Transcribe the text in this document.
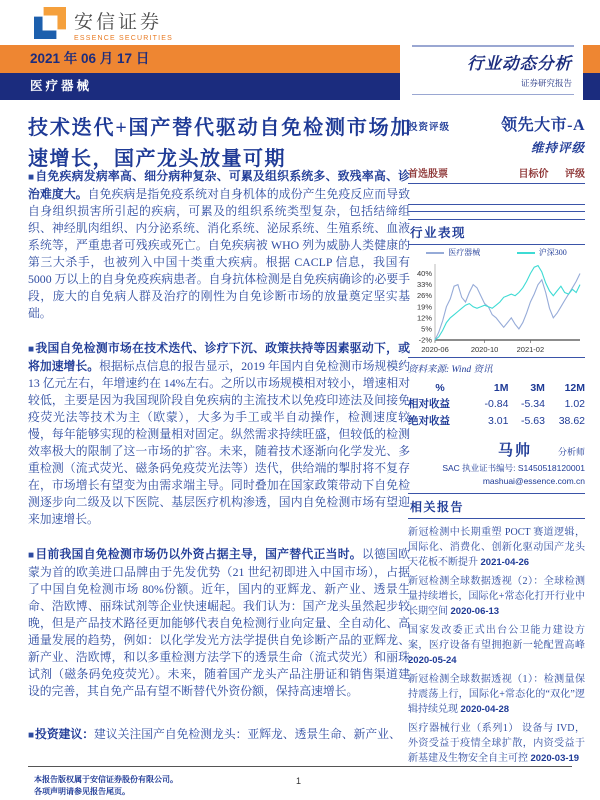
安信证券
ESSENCE SECURITIES
2021 年 06 月 17 日
医疗器械
行业动态分析
证券研究报告
技术迭代+国产替代驱动自免检测市场加速增长，国产龙头放量可期

■自免疾病发病率高、细分病种复杂、可累及组织系统多、致残率高、诊治难度大。自免疾病是指免疫系统对自身机体的成份产生免疫反应而导致自身组织损害所引起的疾病，可累及的组织系统类型复杂，包括结缔组织、神经肌肉组织、内分泌系统、消化系统、泌尿系统、生殖系统、血液系统等，严重患者可残疾或死亡。自免疾病被 WHO 列为威胁人类健康的第三大杀手，也被列入中国十类重大疾病。根据 CACLP 信息，我国有 5000 万以上的自身免疫疾病患者。自身抗体检测是自免疾病确诊的必要手段，庞大的自免病人群及治疗的刚性为自免诊断市场的放量奠定坚实基础。

■我国自免检测市场在技术迭代、诊疗下沉、政策扶持等因素驱动下，或将加速增长。根据标点信息的报告显示，2019 年国内自免检测市场规模约 13 亿元左右，年增速约在 14%左右。之所以市场规模相对较小，增速相对较低，主要是因为我国现阶段自免疾病的主流技术以免疫印迹法及间接免疫荧光法等技术为主（欧蒙），大多为手工或半自动操作，检测速度较慢，每年能够实现的检测量相对固定。纵然需求持续旺盛，但较低的检测效率极大的限制了这一市场的扩容。未来，随着技术逐渐向化学发光、多重检测（流式荧光、磁条码免疫荧光法等）迭代，供给端的掣肘将不复存在，市场增长有望变为由需求端主导。同时叠加在国家政策带动下自免检测逐步向二级及以下医院、基层医疗机构渗透，国内自免检测市场有望迎来加速增长。

■目前我国自免检测市场仍以外资占据主导，国产替代正当时。以德国欧蒙为首的欧美进口品牌由于先发优势（21 世纪初即进入中国市场），占据了中国自免检测市场 80%份额。近年，国内的亚辉龙、新产业、透景生命、浩欧博、丽珠试剂等企业快速崛起。我们认为：国产龙头虽然起步较晚，但是产品技术路径更加能够代表自免检测行业向定量、全自动化、高通量发展的趋势，例如：以化学发光方法学提供自免诊断产品的亚辉龙、新产业、浩欧博，和以多重检测方法学下的透景生命（流式荧光）和丽珠试剂（磁条码免疫荧光）。未来，随着国产龙头产品注册证和销售渠道建设的完善，其自免产品有望不断替代外资份额，保持高速增长。

■投资建议：建议关注国产自免检测龙头：亚辉龙、透景生命、新产业、

投资评级	领先大市-A
维持评级
首选股票	目标价 评级
行业表现
医疗器械	沪深300
-2%
5%
12%
19%
26%
33%
40%
2020-06	2020-10 2021-02
资料来源: Wind 资讯
%	1M	3M	12M
相对收益	-0.84	-5.34	1.02
绝对收益	3.01	-5.63	38.62
马帅	分析师
SAC 执业证书编号: S1450518120001
mashuai@essence.com.cn
相关报告
新冠检测中长期重塑 POCT 赛道逻辑，国际化、消费化、创新化驱动国产龙头天花板不断提升 2021-04-26
新冠检测全球数据透视（2）：全球检测量持续增长，国际化+常态化打开行业中长期空间 2020-06-13
国家发改委正式出台公卫能力建设方案，医疗设备有望拥抱新一轮配置高峰 2020-05-24
新冠检测全球数据透视（1）：检测量保持震荡上行，国际化+常态化的“双化”逻辑持续兑现 2020-04-28
医疗器械行业（系列1） 设备与 IVD，外资受益于疫情全球扩散，内资受益于新基建及生物安全自主可控 2020-03-19
本报告版权属于安信证券股份有限公司。
各项声明请参见报告尾页。
1
